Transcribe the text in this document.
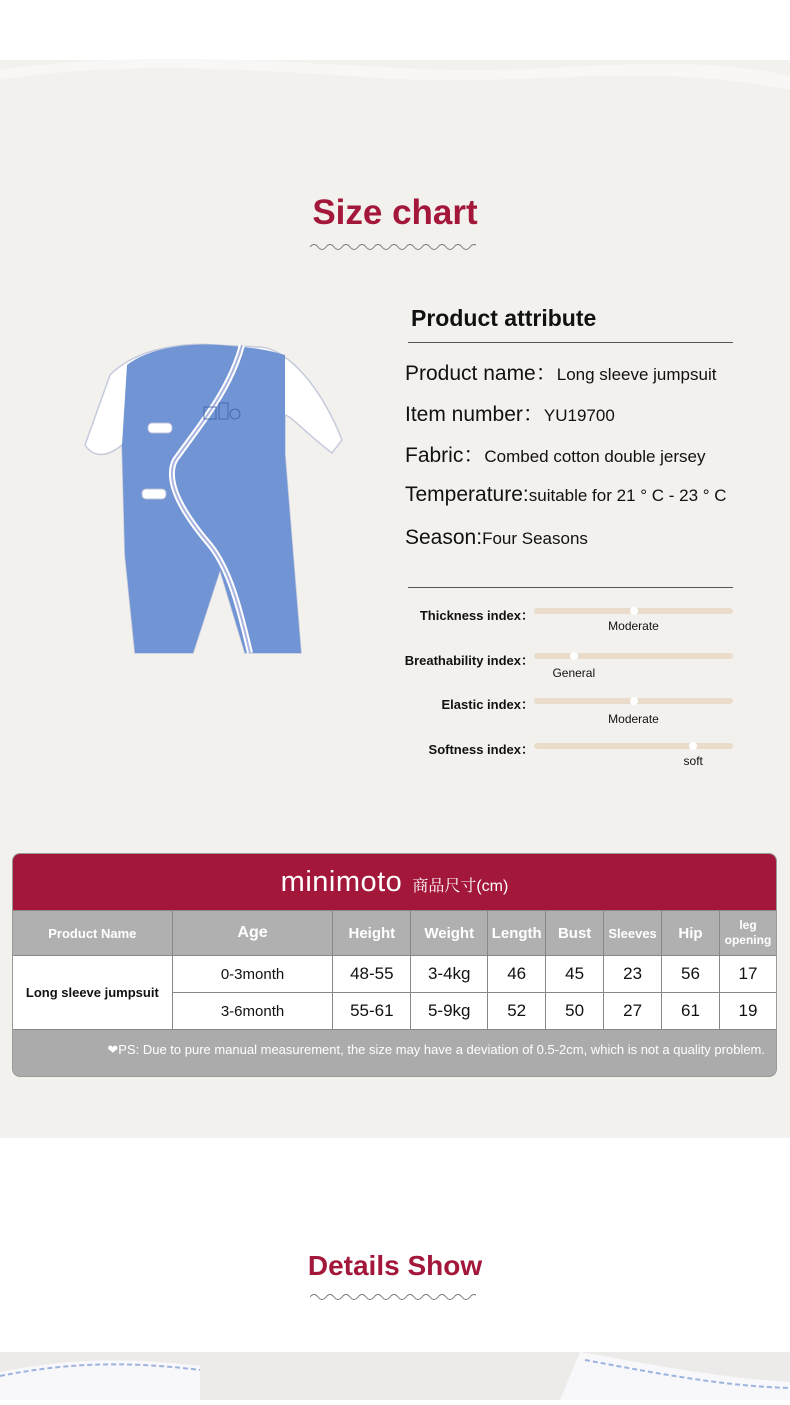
Size chart
Product attribute
Product name：Long sleeve jumpsuit
Item number：YU19700
Fabric：Combed cotton double jersey
Temperature:suitable for 21 ° C - 23 ° C
Season:Four Seasons
Thickness index：
Moderate
Breathability index：
General
Elastic index：
Moderate
Softness index：
soft
minimoto 商品尺寸(cm)
Product Name	Age	Height	Weight	Length	Bust	Sleeves	Hip	leg opening
Long sleeve jumpsuit	0-3month	48-55	3-4kg	46	45	23	56	17
	3-6month	55-61	5-9kg	52	50	27	61	19
❤PS: Due to pure manual measurement, the size may have a deviation of 0.5-2cm, which is not a quality problem.
Details Show
